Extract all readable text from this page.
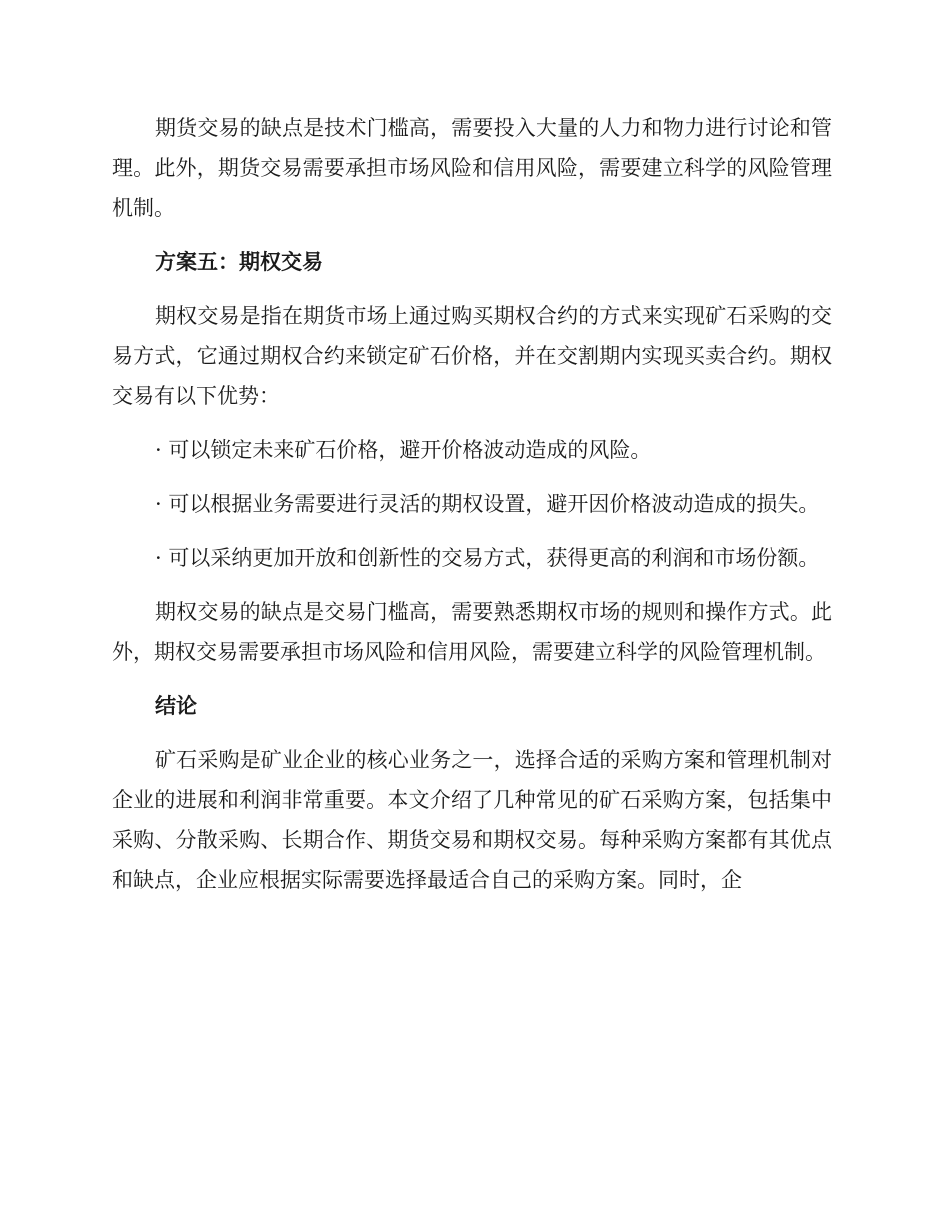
期货交易的缺点是技术门槛高，需要投入大量的人力和物力进行讨论和管理。此外，期货交易需要承担市场风险和信用风险，需要建立科学的风险管理机制。

方案五：期权交易

期权交易是指在期货市场上通过购买期权合约的方式来实现矿石采购的交易方式，它通过期权合约来锁定矿石价格，并在交割期内实现买卖合约。期权交易有以下优势：

· 可以锁定未来矿石价格，避开价格波动造成的风险。

· 可以根据业务需要进行灵活的期权设置，避开因价格波动造成的损失。

· 可以采纳更加开放和创新性的交易方式，获得更高的利润和市场份额。

期权交易的缺点是交易门槛高，需要熟悉期权市场的规则和操作方式。此外，期权交易需要承担市场风险和信用风险，需要建立科学的风险管理机制。

结论

矿石采购是矿业企业的核心业务之一，选择合适的采购方案和管理机制对企业的进展和利润非常重要。本文介绍了几种常见的矿石采购方案，包括集中采购、分散采购、长期合作、期货交易和期权交易。每种采购方案都有其优点和缺点，企业应根据实际需要选择最适合自己的采购方案。同时，企
